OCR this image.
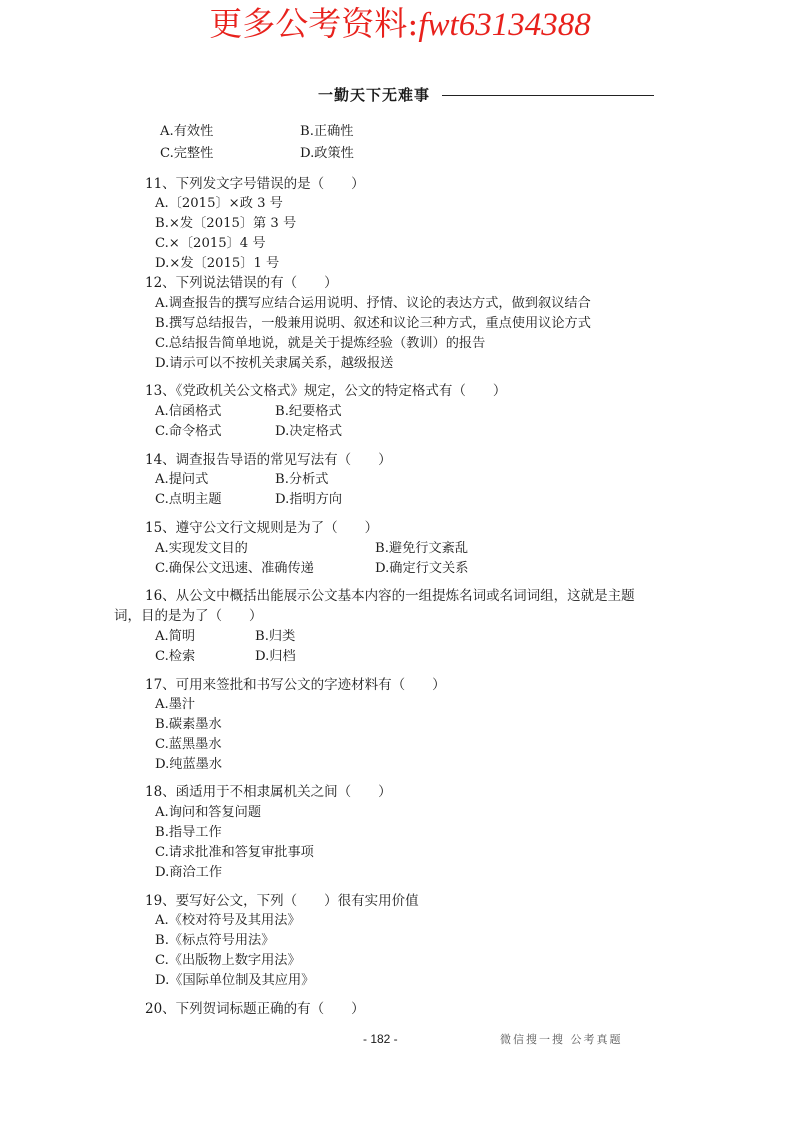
更多公考资料:fwt63134388
一勤天下无难事
A.有效性	B.正确性
C.完整性	D.政策性
11、下列发文字号错误的是（　　）
A.〔2015〕×政 3 号
B.×发〔2015〕第 3 号
C.×〔2015〕4 号
D.×发〔2015〕1 号
12、下列说法错误的有（　　）
A.调查报告的撰写应结合运用说明、抒情、议论的表达方式，做到叙议结合
B.撰写总结报告，一般兼用说明、叙述和议论三种方式，重点使用议论方式
C.总结报告简单地说，就是关于提炼经验（教训）的报告
D.请示可以不按机关隶属关系，越级报送
13、《党政机关公文格式》规定，公文的特定格式有（　　）
A.信函格式	B.纪要格式
C.命令格式	D.决定格式
14、调查报告导语的常见写法有（　　）
A.提问式	B.分析式
C.点明主题	D.指明方向
15、遵守公文行文规则是为了（　　）
A.实现发文目的	B.避免行文紊乱
C.确保公文迅速、准确传递	D.确定行文关系
16、从公文中概括出能展示公文基本内容的一组提炼名词或名词词组，这就是主题
词，目的是为了（　　）
A.简明	B.归类
C.检索	D.归档
17、可用来签批和书写公文的字迹材料有（　　）
A.墨汁
B.碳素墨水
C.蓝黑墨水
D.纯蓝墨水
18、函适用于不相隶属机关之间（　　）
A.询问和答复问题
B.指导工作
C.请求批准和答复审批事项
D.商洽工作
19、要写好公文，下列（　　）很有实用价值
A.《校对符号及其用法》
B.《标点符号用法》
C.《出版物上数字用法》
D.《国际单位制及其应用》
20、下列贺词标题正确的有（　　）
- 182 -	微信搜一搜 公考真题
